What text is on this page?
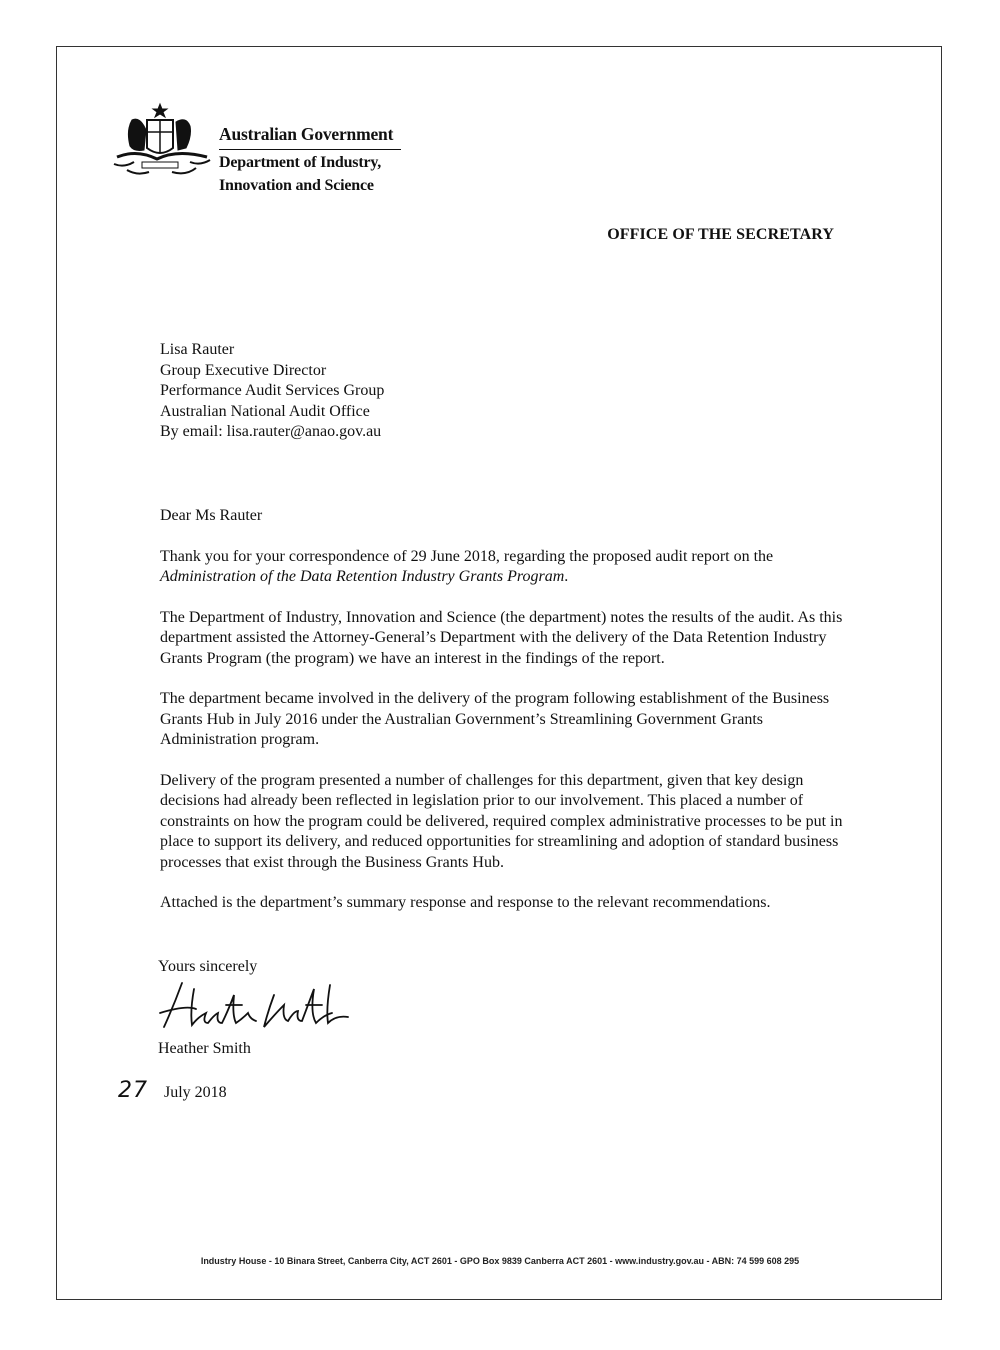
Australian Government
Department of Industry,
Innovation and Science
OFFICE OF THE SECRETARY
Lisa Rauter
Group Executive Director
Performance Audit Services Group
Australian National Audit Office
By email: lisa.rauter@anao.gov.au

Dear Ms Rauter

Thank you for your correspondence of 29 June 2018, regarding the proposed audit report on the Administration of the Data Retention Industry Grants Program.

The Department of Industry, Innovation and Science (the department) notes the results of the audit. As this department assisted the Attorney-General’s Department with the delivery of the Data Retention Industry Grants Program (the program) we have an interest in the findings of the report.

The department became involved in the delivery of the program following establishment of the Business Grants Hub in July 2016 under the Australian Government’s Streamlining Government Grants Administration program.

Delivery of the program presented a number of challenges for this department, given that key design decisions had already been reflected in legislation prior to our involvement. This placed a number of constraints on how the program could be delivered, required complex administrative processes to be put in place to support its delivery, and reduced opportunities for streamlining and adoption of standard business processes that exist through the Business Grants Hub.

Attached is the department’s summary response and response to the relevant recommendations.

Yours sincerely
Heather Smith
27 July 2018
Industry House - 10 Binara Street, Canberra City, ACT 2601 - GPO Box 9839 Canberra ACT 2601 - www.industry.gov.au - ABN: 74 599 608 295
